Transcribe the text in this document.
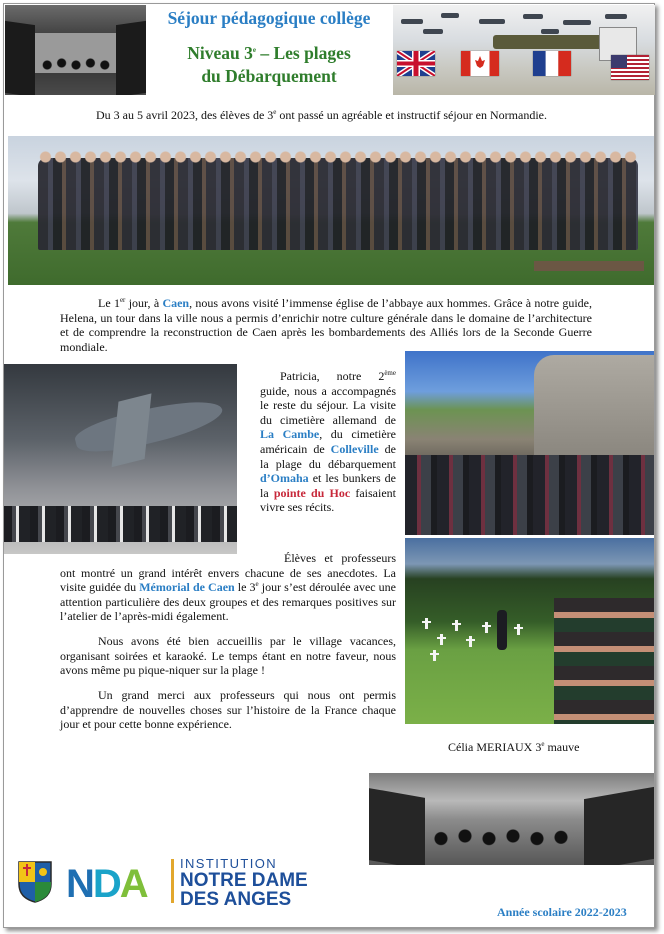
Séjour pédagogique collège
Niveau 3e – Les plages
du Débarquement

Du 3 au 5 avril 2023, des élèves de 3e ont passé un agréable et instructif séjour en Normandie.

Le 1er jour, à Caen, nous avons visité l’immense église de l’abbaye aux hommes. Grâce à notre guide, Helena, un tour dans la ville nous a permis d’enrichir notre culture générale dans le domaine de l’architecture et de comprendre la reconstruction de Caen après les bombardements des Alliés lors de la Seconde Guerre mondiale.

Patricia, notre 2ème guide, nous a accompagnés le reste du séjour. La visite du cimetière allemand de La Cambe, du cimetière américain de Colleville de la plage du débarquement d’Omaha et les bunkers de la pointe du Hoc faisaient vivre ses récits.

Élèves et professeurs ont montré un grand intérêt envers chacune de ses anecdotes. La visite guidée du Mémorial de Caen le 3e jour s’est déroulée avec une attention particulière des deux groupes et des remarques positives sur l’atelier de l’après-midi également.

Nous avons été bien accueillis par le village vacances, organisant soirées et karaoké. Le temps étant en notre faveur, nous avons même pu pique-niquer sur la plage !

Un grand merci aux professeurs qui nous ont permis d’apprendre de nouvelles choses sur l’histoire de la France chaque jour et pour cette bonne expérience.

Célia MERIAUX 3e mauve

NDA	INSTITUTION
NOTRE DAME
DES ANGES
Année scolaire 2022-2023
